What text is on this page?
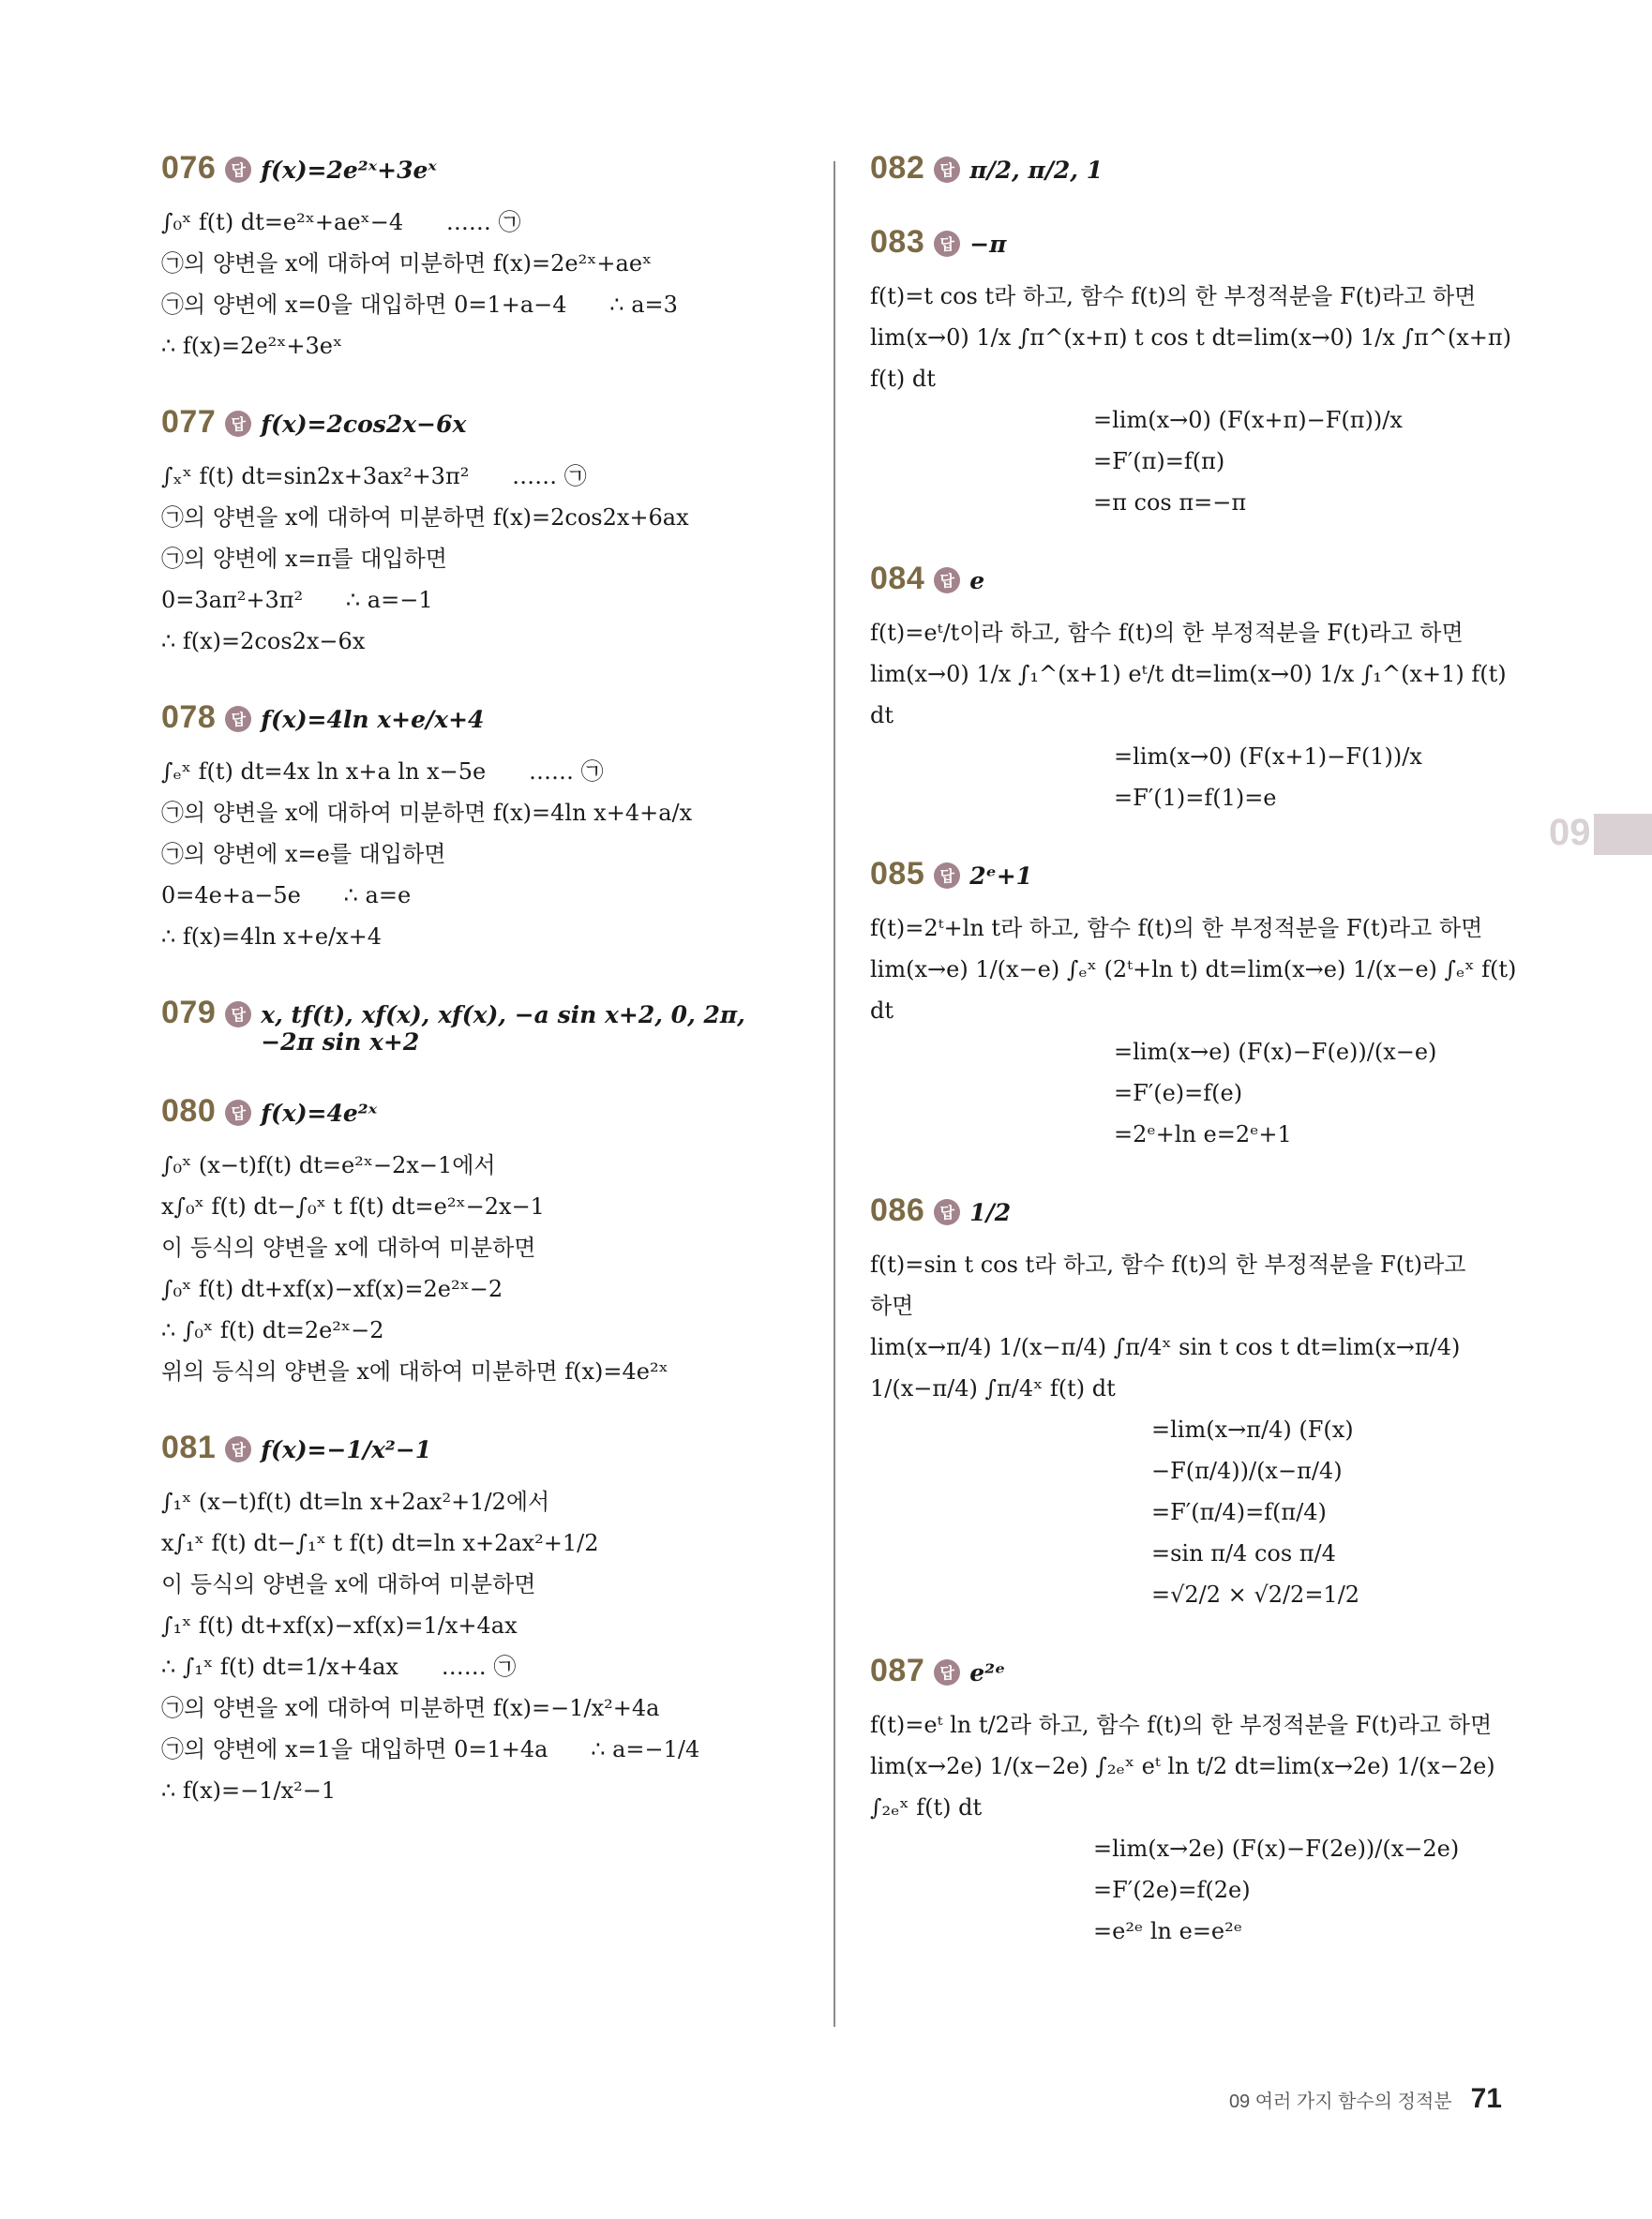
076	답 f(x)=2e²ˣ+3eˣ
∫₀ˣ f(t) dt=e²ˣ+aeˣ−4      …… ㉠
㉠의 양변을 x에 대하여 미분하면 f(x)=2e²ˣ+aeˣ
㉠의 양변에 x=0을 대입하면 0=1+a−4      ∴ a=3
∴ f(x)=2e²ˣ+3eˣ
077	답 f(x)=2cos2x−6x
∫ₓˣ f(t) dt=sin2x+3ax²+3π²      …… ㉠
㉠의 양변을 x에 대하여 미분하면 f(x)=2cos2x+6ax
㉠의 양변에 x=π를 대입하면
0=3aπ²+3π²      ∴ a=−1
∴ f(x)=2cos2x−6x
078	답 f(x)=4ln x+e/x+4
∫ₑˣ f(t) dt=4x ln x+a ln x−5e      …… ㉠
㉠의 양변을 x에 대하여 미분하면 f(x)=4ln x+4+a/x
㉠의 양변에 x=e를 대입하면
0=4e+a−5e      ∴ a=e
∴ f(x)=4ln x+e/x+4
079	답 x, tf(t), xf(x), xf(x), −a sin x+2, 0, 2π,
−2π sin x+2
080	답 f(x)=4e²ˣ
∫₀ˣ (x−t)f(t) dt=e²ˣ−2x−1에서
x∫₀ˣ f(t) dt−∫₀ˣ t f(t) dt=e²ˣ−2x−1
이 등식의 양변을 x에 대하여 미분하면
∫₀ˣ f(t) dt+xf(x)−xf(x)=2e²ˣ−2
∴ ∫₀ˣ f(t) dt=2e²ˣ−2
위의 등식의 양변을 x에 대하여 미분하면 f(x)=4e²ˣ
081	답 f(x)=−1/x²−1
∫₁ˣ (x−t)f(t) dt=ln x+2ax²+1/2에서
x∫₁ˣ f(t) dt−∫₁ˣ t f(t) dt=ln x+2ax²+1/2
이 등식의 양변을 x에 대하여 미분하면
∫₁ˣ f(t) dt+xf(x)−xf(x)=1/x+4ax
∴ ∫₁ˣ f(t) dt=1/x+4ax      …… ㉠
㉠의 양변을 x에 대하여 미분하면 f(x)=−1/x²+4a
㉠의 양변에 x=1을 대입하면 0=1+4a      ∴ a=−1/4
∴ f(x)=−1/x²−1
082	답 π/2, π/2, 1
083	답 −π
f(t)=t cos t라 하고, 함수 f(t)의 한 부정적분을 F(t)라고 하면
lim(x→0) 1/x ∫π^(x+π) t cos t dt=lim(x→0) 1/x ∫π^(x+π) f(t) dt
=lim(x→0) (F(x+π)−F(π))/x
=F′(π)=f(π)
=π cos π=−π
084	답 e
f(t)=eᵗ/t이라 하고, 함수 f(t)의 한 부정적분을 F(t)라고 하면
lim(x→0) 1/x ∫₁^(x+1) eᵗ/t dt=lim(x→0) 1/x ∫₁^(x+1) f(t) dt
=lim(x→0) (F(x+1)−F(1))/x
=F′(1)=f(1)=e
085	답 2ᵉ+1
f(t)=2ᵗ+ln t라 하고, 함수 f(t)의 한 부정적분을 F(t)라고 하면
lim(x→e) 1/(x−e) ∫ₑˣ (2ᵗ+ln t) dt=lim(x→e) 1/(x−e) ∫ₑˣ f(t) dt
=lim(x→e) (F(x)−F(e))/(x−e)
=F′(e)=f(e)
=2ᵉ+ln e=2ᵉ+1
086	답 1/2
f(t)=sin t cos t라 하고, 함수 f(t)의 한 부정적분을 F(t)라고
하면
lim(x→π/4) 1/(x−π/4) ∫π/4ˣ sin t cos t dt=lim(x→π/4) 1/(x−π/4) ∫π/4ˣ f(t) dt
=lim(x→π/4) (F(x)−F(π/4))/(x−π/4)
=F′(π/4)=f(π/4)
=sin π/4 cos π/4
=√2/2 × √2/2=1/2
087	답 e²ᵉ
f(t)=eᵗ ln t/2라 하고, 함수 f(t)의 한 부정적분을 F(t)라고 하면
lim(x→2e) 1/(x−2e) ∫₂ₑˣ eᵗ ln t/2 dt=lim(x→2e) 1/(x−2e) ∫₂ₑˣ f(t) dt
=lim(x→2e) (F(x)−F(2e))/(x−2e)
=F′(2e)=f(2e)
=e²ᵉ ln e=e²ᵉ
09
09 여러 가지 함수의 정적분 71
